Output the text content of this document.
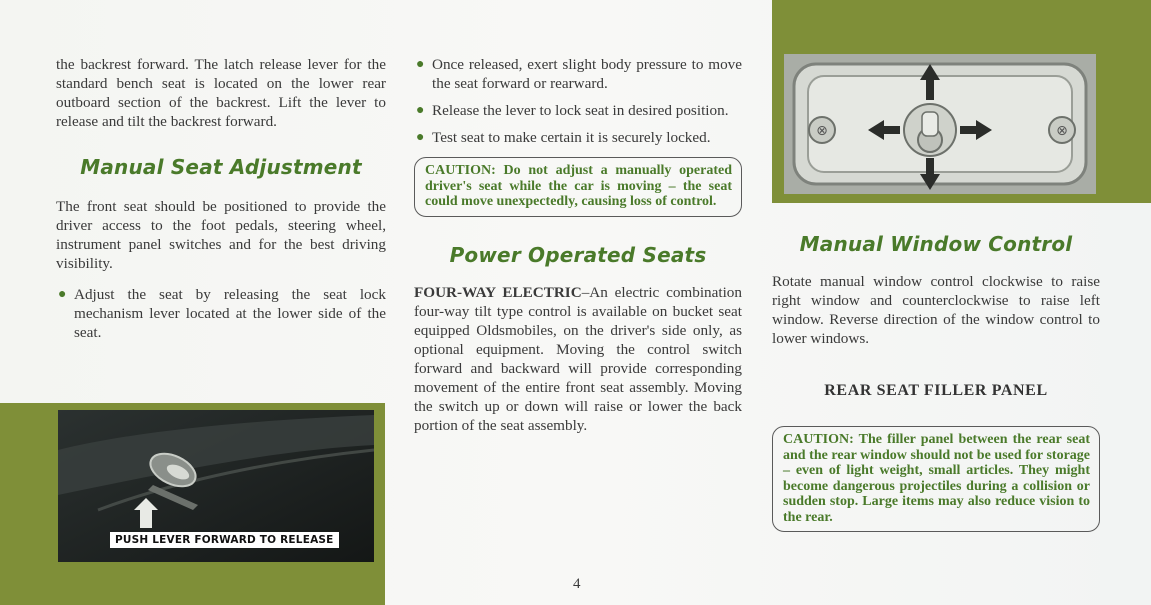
the backrest forward. The latch release lever for the standard bench seat is located on the lower rear outboard section of the backrest. Lift the lever to release and tilt the backrest forward.

Manual Seat Adjustment

The front seat should be positioned to provide the driver access to the foot pedals, steering wheel, instrument panel switches and for the best driving visibility.

● Adjust the seat by releasing the seat lock mechanism lever located at the lower side of the seat.
PUSH LEVER FORWARD TO RELEASE
● Once released, exert slight body pressure to move the seat forward or rearward.
● Release the lever to lock seat in desired position.
● Test seat to make certain it is securely locked.
CAUTION: Do not adjust a manually operated driver's seat while the car is moving – the seat could move unexpectedly, causing loss of control.
Power Operated Seats

FOUR-WAY ELECTRIC–An electric combination four-way tilt type control is available on bucket seat equipped Oldsmobiles, on the driver's side only, as optional equipment. Moving the control switch forward and backward will provide corresponding movement of the entire front seat assembly. Moving the switch up or down will raise or lower the back portion of the seat assembly.

4
⊗	⊗
Manual Window Control

Rotate manual window control clockwise to raise right window and counterclockwise to raise left window. Reverse direction of the window control to lower windows.

REAR SEAT FILLER PANEL
CAUTION: The filler panel between the rear seat and the rear window should not be used for storage – even of light weight, small articles. They might become dangerous projectiles during a collision or sudden stop. Large items may also reduce vision to the rear.
